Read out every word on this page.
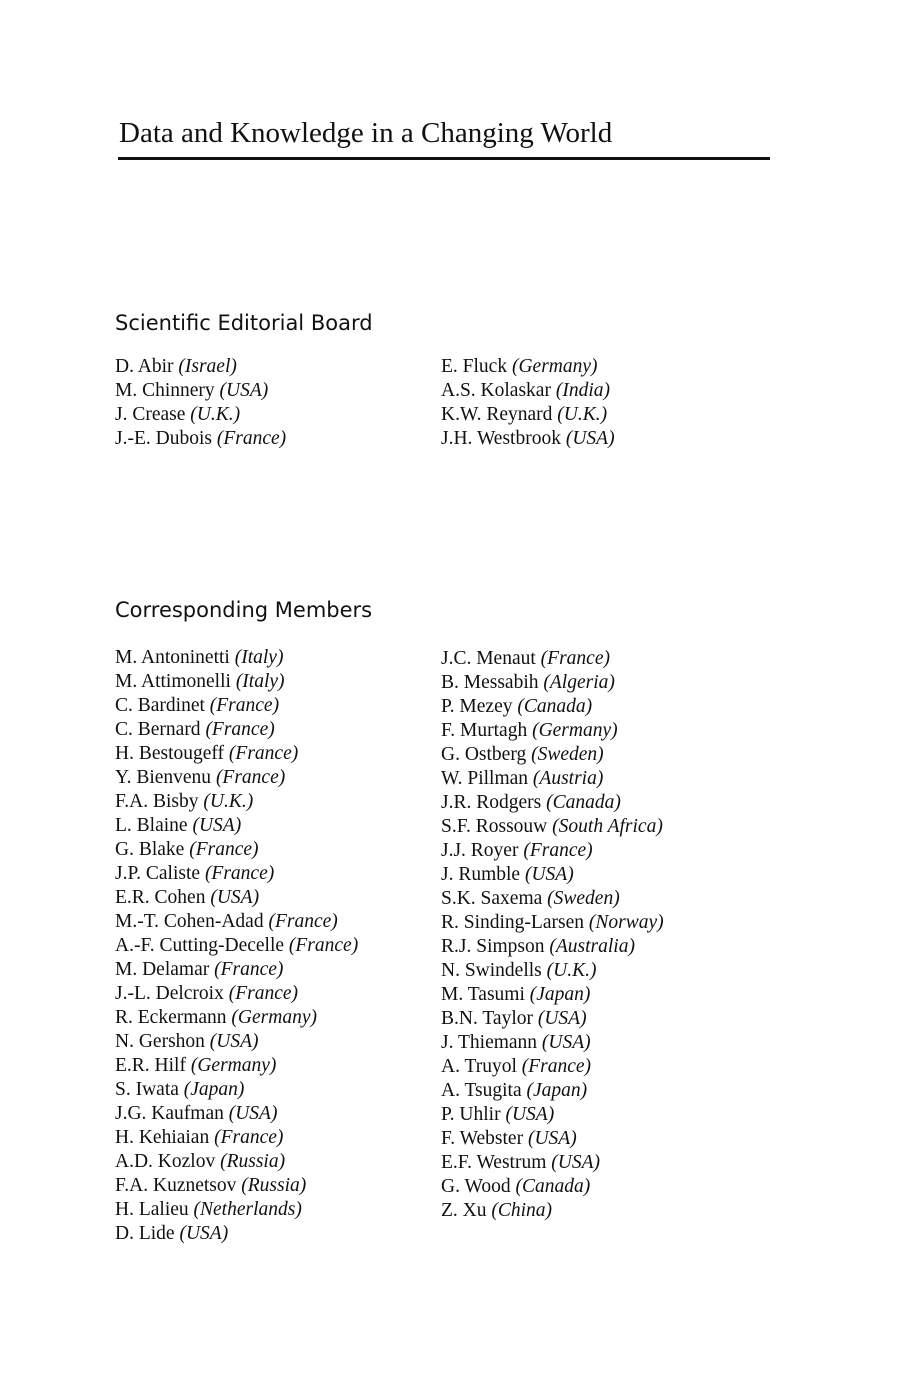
Data and Knowledge in a Changing World
Scientific Editorial Board
D. Abir (Israel)
M. Chinnery (USA)
J. Crease (U.K.)
J.-E. Dubois (France)
E. Fluck (Germany)
A.S. Kolaskar (India)
K.W. Reynard (U.K.)
J.H. Westbrook (USA)
Corresponding Members
M. Antoninetti (Italy)
M. Attimonelli (Italy)
C. Bardinet (France)
C. Bernard (France)
H. Bestougeff (France)
Y. Bienvenu (France)
F.A. Bisby (U.K.)
L. Blaine (USA)
G. Blake (France)
J.P. Caliste (France)
E.R. Cohen (USA)
M.-T. Cohen-Adad (France)
A.-F. Cutting-Decelle (France)
M. Delamar (France)
J.-L. Delcroix (France)
R. Eckermann (Germany)
N. Gershon (USA)
E.R. Hilf (Germany)
S. Iwata (Japan)
J.G. Kaufman (USA)
H. Kehiaian (France)
A.D. Kozlov (Russia)
F.A. Kuznetsov (Russia)
H. Lalieu (Netherlands)
D. Lide (USA)
J.C. Menaut (France)
B. Messabih (Algeria)
P. Mezey (Canada)
F. Murtagh (Germany)
G. Ostberg (Sweden)
W. Pillman (Austria)
J.R. Rodgers (Canada)
S.F. Rossouw (South Africa)
J.J. Royer (France)
J. Rumble (USA)
S.K. Saxema (Sweden)
R. Sinding-Larsen (Norway)
R.J. Simpson (Australia)
N. Swindells (U.K.)
M. Tasumi (Japan)
B.N. Taylor (USA)
J. Thiemann (USA)
A. Truyol (France)
A. Tsugita (Japan)
P. Uhlir (USA)
F. Webster (USA)
E.F. Westrum (USA)
G. Wood (Canada)
Z. Xu (China)
